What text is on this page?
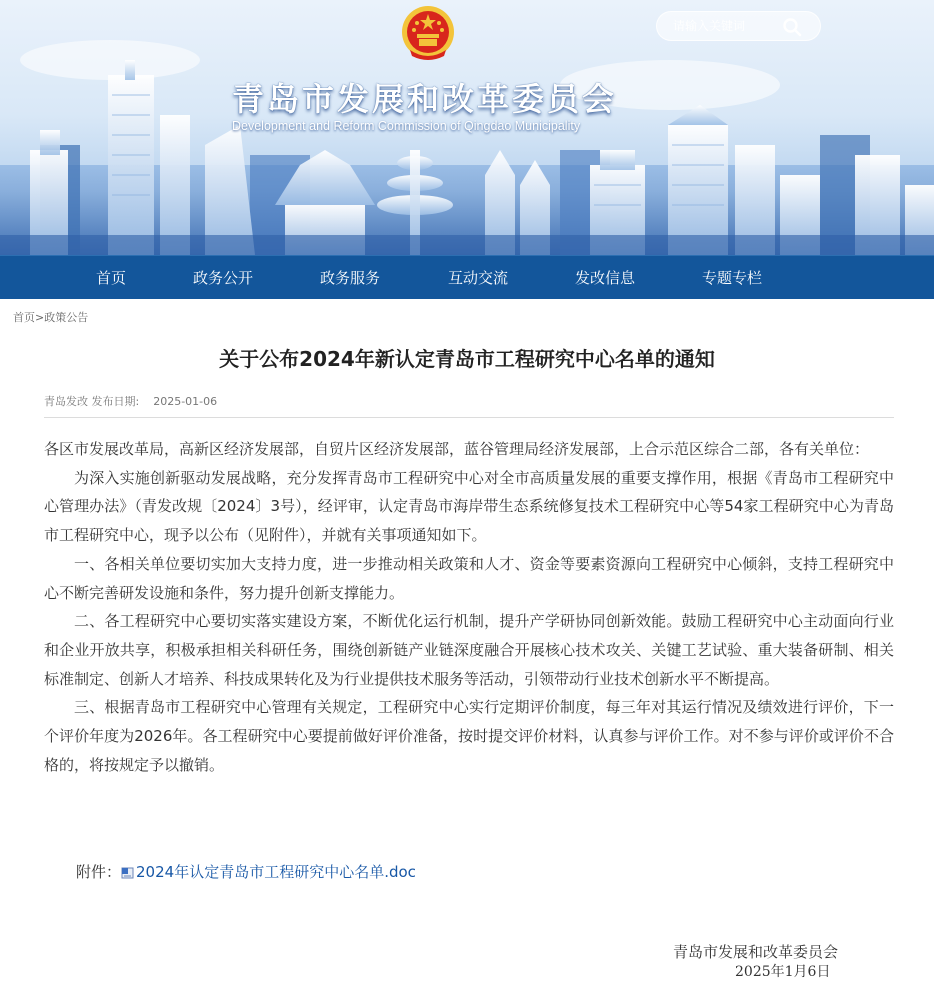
青岛市发展和改革委员会
Development and Reform Commission of Qingdao Municipality
请输入关键词
首页	政务公开	政务服务	互动交流	发改信息	专题专栏
首页>政策公告
关于公布2024年新认定青岛市工程研究中心名单的通知
青岛发改 发布日期: 2025-01-06

各区市发展改革局，高新区经济发展部，自贸片区经济发展部，蓝谷管理局经济发展部，上合示范区综合二部，各有关单位：

为深入实施创新驱动发展战略，充分发挥青岛市工程研究中心对全市高质量发展的重要支撑作用，根据《青岛市工程研究中心管理办法》（青发改规〔2024〕3号），经评审，认定青岛市海岸带生态系统修复技术工程研究中心等54家工程研究中心为青岛市工程研究中心，现予以公布（见附件），并就有关事项通知如下。

一、各相关单位要切实加大支持力度，进一步推动相关政策和人才、资金等要素资源向工程研究中心倾斜，支持工程研究中心不断完善研发设施和条件，努力提升创新支撑能力。

二、各工程研究中心要切实落实建设方案，不断优化运行机制，提升产学研协同创新效能。鼓励工程研究中心主动面向行业和企业开放共享，积极承担相关科研任务，围绕创新链产业链深度融合开展核心技术攻关、关键工艺试验、重大装备研制、相关标准制定、创新人才培养、科技成果转化及为行业提供技术服务等活动，引领带动行业技术创新水平不断提高。

三、根据青岛市工程研究中心管理有关规定，工程研究中心实行定期评价制度，每三年对其运行情况及绩效进行评价，下一个评价年度为2026年。各工程研究中心要提前做好评价准备，按时提交评价材料，认真参与评价工作。对不参与评价或评价不合格的，将按规定予以撤销。

附件： 2024年认定青岛市工程研究中心名单.doc
青岛市发展和改革委员会
2025年1月6日
